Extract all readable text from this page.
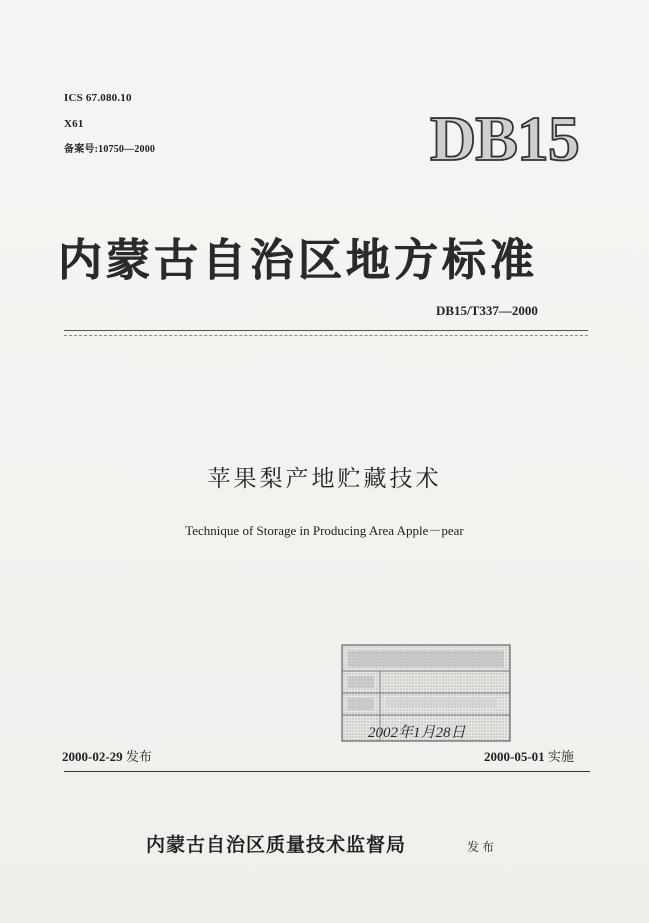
ICS 67.080.10
X61
备案号:10750—2000	DB15
内蒙古自治区地方标准
DB15/T337—2000
苹果梨产地贮藏技术
Technique of Storage in Producing Area Apple－pear
2002年1月28日
2000-02-29 发布	2000-05-01 实施
内蒙古自治区质量技术监督局	发布
